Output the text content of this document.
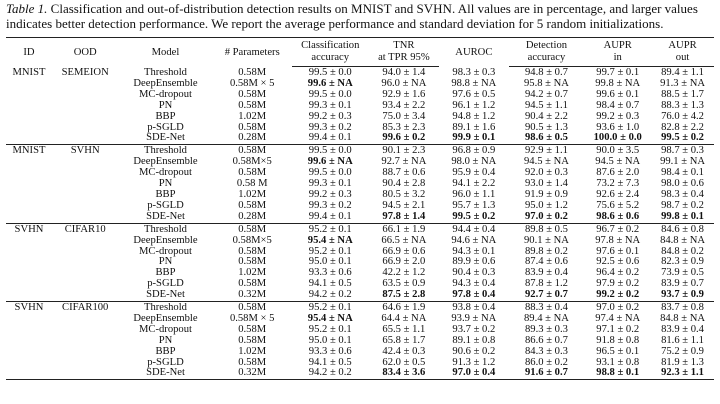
Table 1. Classification and out-of-distribution detection results on MNIST and SVHN. All values are in percentage, and larger values indicates better detection performance. We report the average performance and standard deviation for 5 random initializations.
ID	OOD	Model	# Parameters	Classification	TNR	AUROC	Detection	AUPR	AUPR
				accuracy	at TPR 95%		accuracy	in	out
MNIST	SEMEION	Threshold	0.58M	99.5 ± 0.0	94.0 ± 1.4	98.3 ± 0.3	94.8 ± 0.7	99.7 ± 0.1	89.4 ± 1.1
		DeepEnsemble	0.58M × 5	99.6 ± NA	96.0 ± NA	98.8 ± NA	95.8 ± NA	99.8 ± NA	91.3 ± NA
		MC-dropout	0.58M	99.5 ± 0.0	92.9 ± 1.6	97.6 ± 0.5	94.2 ± 0.7	99.6 ± 0.1	88.5 ± 1.7
		PN	0.58M	99.3 ± 0.1	93.4 ± 2.2	96.1 ± 1.2	94.5 ± 1.1	98.4 ± 0.7	88.3 ± 1.3
		BBP	1.02M	99.2 ± 0.3	75.0 ± 3.4	94.8 ± 1.2	90.4 ± 2.2	99.2 ± 0.3	76.0 ± 4.2
		p-SGLD	0.58M	99.3 ± 0.2	85.3 ± 2.3	89.1 ± 1.6	90.5 ± 1.3	93.6 ± 1.0	82.8 ± 2.2
		SDE-Net	0.28M	99.4 ± 0.1	99.6 ± 0.2	99.9 ± 0.1	98.6 ± 0.5	100.0 ± 0.0	99.5 ± 0.2
MNIST	SVHN	Threshold	0.58M	99.5 ± 0.0	90.1 ± 2.3	96.8 ± 0.9	92.9 ± 1.1	90.0 ± 3.5	98.7 ± 0.3
		DeepEnsemble	0.58M×5	99.6 ± NA	92.7 ± NA	98.0 ± NA	94.5 ± NA	94.5 ± NA	99.1 ± NA
		MC-dropout	0.58M	99.5 ± 0.0	88.7 ± 0.6	95.9 ± 0.4	92.0 ± 0.3	87.6 ± 2.0	98.4 ± 0.1
		PN	0.58 M	99.3 ± 0.1	90.4 ± 2.8	94.1 ± 2.2	93.0 ± 1.4	73.2 ± 7.3	98.0 ± 0.6
		BBP	1.02M	99.2 ± 0.3	80.5 ± 3.2	96.0 ± 1.1	91.9 ± 0.9	92.6 ± 2.4	98.3 ± 0.4
		p-SGLD	0.58M	99.3 ± 0.2	94.5 ± 2.1	95.7 ± 1.3	95.0 ± 1.2	75.6 ± 5.2	98.7 ± 0.2
		SDE-Net	0.28M	99.4 ± 0.1	97.8 ± 1.4	99.5 ± 0.2	97.0 ± 0.2	98.6 ± 0.6	99.8 ± 0.1
SVHN	CIFAR10	Threshold	0.58M	95.2 ± 0.1	66.1 ± 1.9	94.4 ± 0.4	89.8 ± 0.5	96.7 ± 0.2	84.6 ± 0.8
		DeepEnsemble	0.58M×5	95.4 ± NA	66.5 ± NA	94.6 ± NA	90.1 ± NA	97.8 ± NA	84.8 ± NA
		MC-dropout	0.58M	95.2 ± 0.1	66.9 ± 0.6	94.3 ± 0.1	89.8 ± 0.2	97.6 ± 0.1	84.8 ± 0.2
		PN	0.58M	95.0 ± 0.1	66.9 ± 2.0	89.9 ± 0.6	87.4 ± 0.6	92.5 ± 0.6	82.3 ± 0.9
		BBP	1.02M	93.3 ± 0.6	42.2 ± 1.2	90.4 ± 0.3	83.9 ± 0.4	96.4 ± 0.2	73.9 ± 0.5
		p-SGLD	0.58M	94.1 ± 0.5	63.5 ± 0.9	94.3 ± 0.4	87.8 ± 1.2	97.9 ± 0.2	83.9 ± 0.7
		SDE-Net	0.32M	94.2 ± 0.2	87.5 ± 2.8	97.8 ± 0.4	92.7 ± 0.7	99.2 ± 0.2	93.7 ± 0.9
SVHN	CIFAR100	Threshold	0.58M	95.2 ± 0.1	64.6 ± 1.9	93.8 ± 0.4	88.3 ± 0.4	97.0 ± 0.2	83.7 ± 0.8
		DeepEnsemble	0.58M × 5	95.4 ± NA	64.4 ± NA	93.9 ± NA	89.4 ± NA	97.4 ± NA	84.8 ± NA
		MC-dropout	0.58M	95.2 ± 0.1	65.5 ± 1.1	93.7 ± 0.2	89.3 ± 0.3	97.1 ± 0.2	83.9 ± 0.4
		PN	0.58M	95.0 ± 0.1	65.8 ± 1.7	89.1 ± 0.8	86.6 ± 0.7	91.8 ± 0.8	81.6 ± 1.1
		BBP	1.02M	93.3 ± 0.6	42.4 ± 0.3	90.6 ± 0.2	84.3 ± 0.3	96.5 ± 0.1	75.2 ± 0.9
		p-SGLD	0.58M	94.1 ± 0.5	62.0 ± 0.5	91.3 ± 1.2	86.0 ± 0.2	93.1 ± 0.8	81.9 ± 1.3
		SDE-Net	0.32M	94.2 ± 0.2	83.4 ± 3.6	97.0 ± 0.4	91.6 ± 0.7	98.8 ± 0.1	92.3 ± 1.1
